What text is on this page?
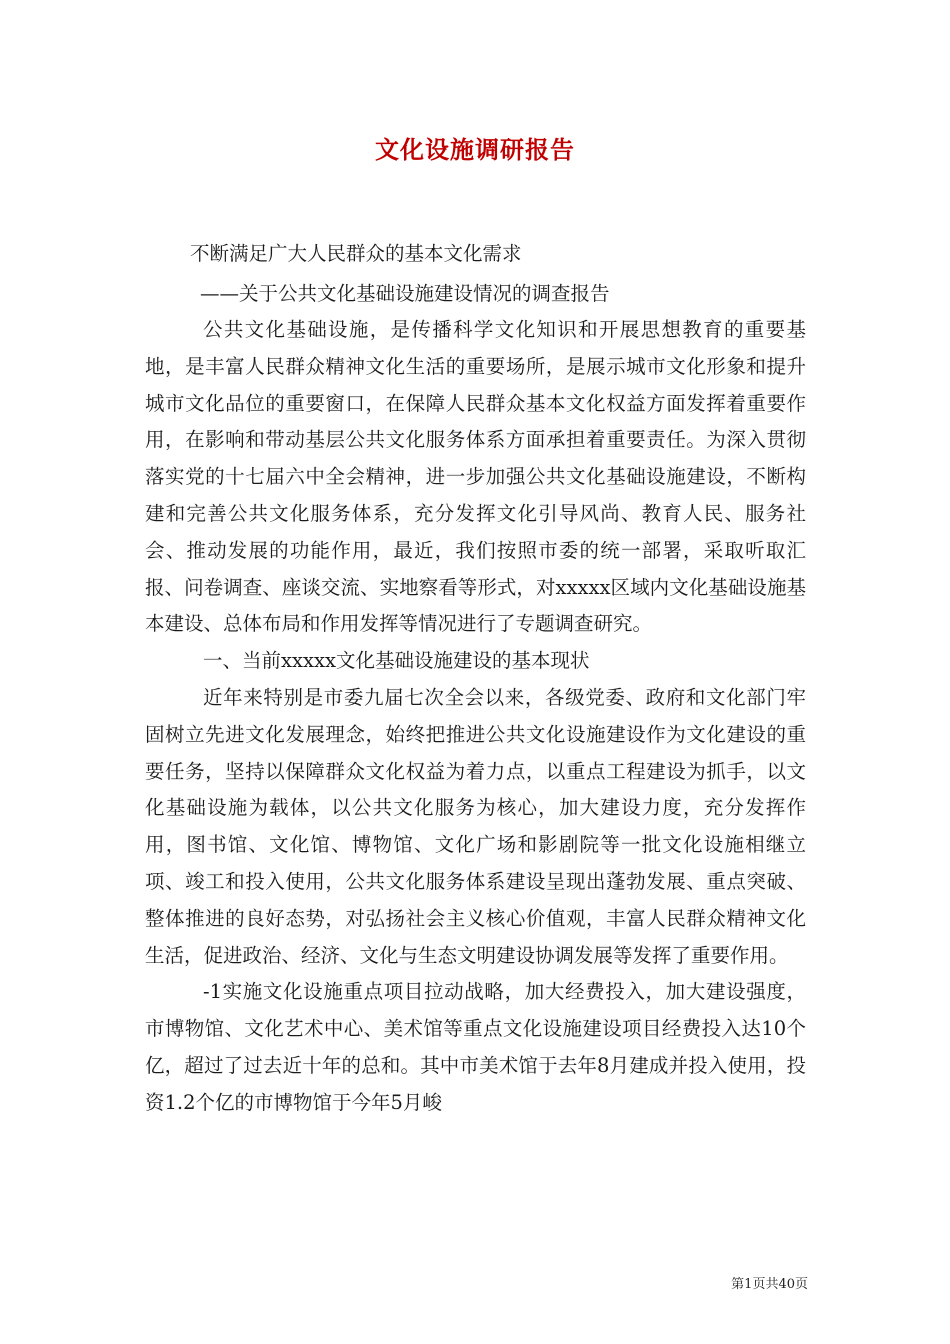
文化设施调研报告
不断满足广大人民群众的基本文化需求
——关于公共文化基础设施建设情况的调查报告

公共文化基础设施，是传播科学文化知识和开展思想教育的重要基地，是丰富人民群众精神文化生活的重要场所，是展示城市文化形象和提升城市文化品位的重要窗口，在保障人民群众基本文化权益方面发挥着重要作用，在影响和带动基层公共文化服务体系方面承担着重要责任。为深入贯彻落实党的十七届六中全会精神，进一步加强公共文化基础设施建设，不断构建和完善公共文化服务体系，充分发挥文化引导风尚、教育人民、服务社会、推动发展的功能作用，最近，我们按照市委的统一部署，采取听取汇报、问卷调查、座谈交流、实地察看等形式，对xxxxx区域内文化基础设施基本建设、总体布局和作用发挥等情况进行了专题调查研究。

一、当前xxxxx文化基础设施建设的基本现状

近年来特别是市委九届七次全会以来，各级党委、政府和文化部门牢固树立先进文化发展理念，始终把推进公共文化设施建设作为文化建设的重要任务，坚持以保障群众文化权益为着力点，以重点工程建设为抓手，以文化基础设施为载体，以公共文化服务为核心，加大建设力度，充分发挥作用，图书馆、文化馆、博物馆、文化广场和影剧院等一批文化设施相继立项、竣工和投入使用，公共文化服务体系建设呈现出蓬勃发展、重点突破、整体推进的良好态势，对弘扬社会主义核心价值观，丰富人民群众精神文化生活，促进政治、经济、文化与生态文明建设协调发展等发挥了重要作用。

-1实施文化设施重点项目拉动战略，加大经费投入，加大建设强度，市博物馆、文化艺术中心、美术馆等重点文化设施建设项目经费投入达10个亿，超过了过去近十年的总和。其中市美术馆于去年8月建成并投入使用，投资1.2个亿的市博物馆于今年5月峻

第1页共40页
